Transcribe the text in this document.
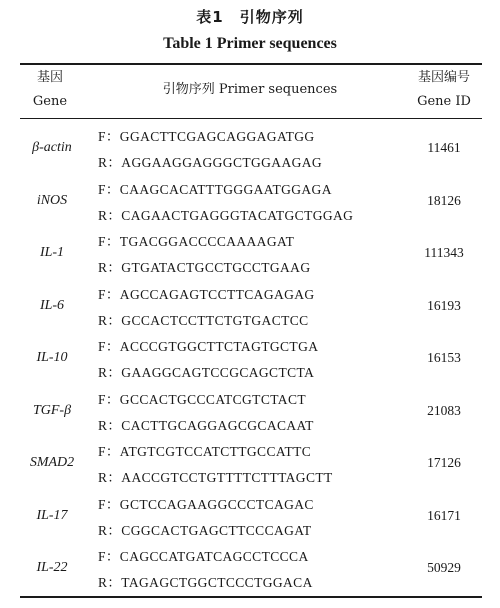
表1　引物序列
Table 1 Primer sequences
基因
Gene
引物序列 Primer sequences
基因编号
Gene ID
β-actin
F：GGACTTCGAGCAGGAGATGG
R：AGGAAGGAGGGCTGGAAGAG
11461
iNOS
F：CAAGCACATTTGGGAATGGAGA
R：CAGAACTGAGGGTACATGCTGGAG
18126
IL-1
F：TGACGGACCCCAAAAGAT
R：GTGATACTGCCTGCCTGAAG
111343
IL-6
F：AGCCAGAGTCCTTCAGAGAG
R：GCCACTCCTTCTGTGACTCC
16193
IL-10
F：ACCCGTGGCTTCTAGTGCTGA
R：GAAGGCAGTCCGCAGCTCTA
16153
TGF-β
F：GCCACTGCCCATCGTCTACT
R：CACTTGCAGGAGCGCACAAT
21083
SMAD2
F：ATGTCGTCCATCTTGCCATTC
R：AACCGTCCTGTTTTCTTTAGCTT
17126
IL-17
F：GCTCCAGAAGGCCCTCAGAC
R：CGGCACTGAGCTTCCCAGAT
16171
IL-22
F：CAGCCATGATCAGCCTCCCA
R：TAGAGCTGGCTCCCTGGACA
50929
